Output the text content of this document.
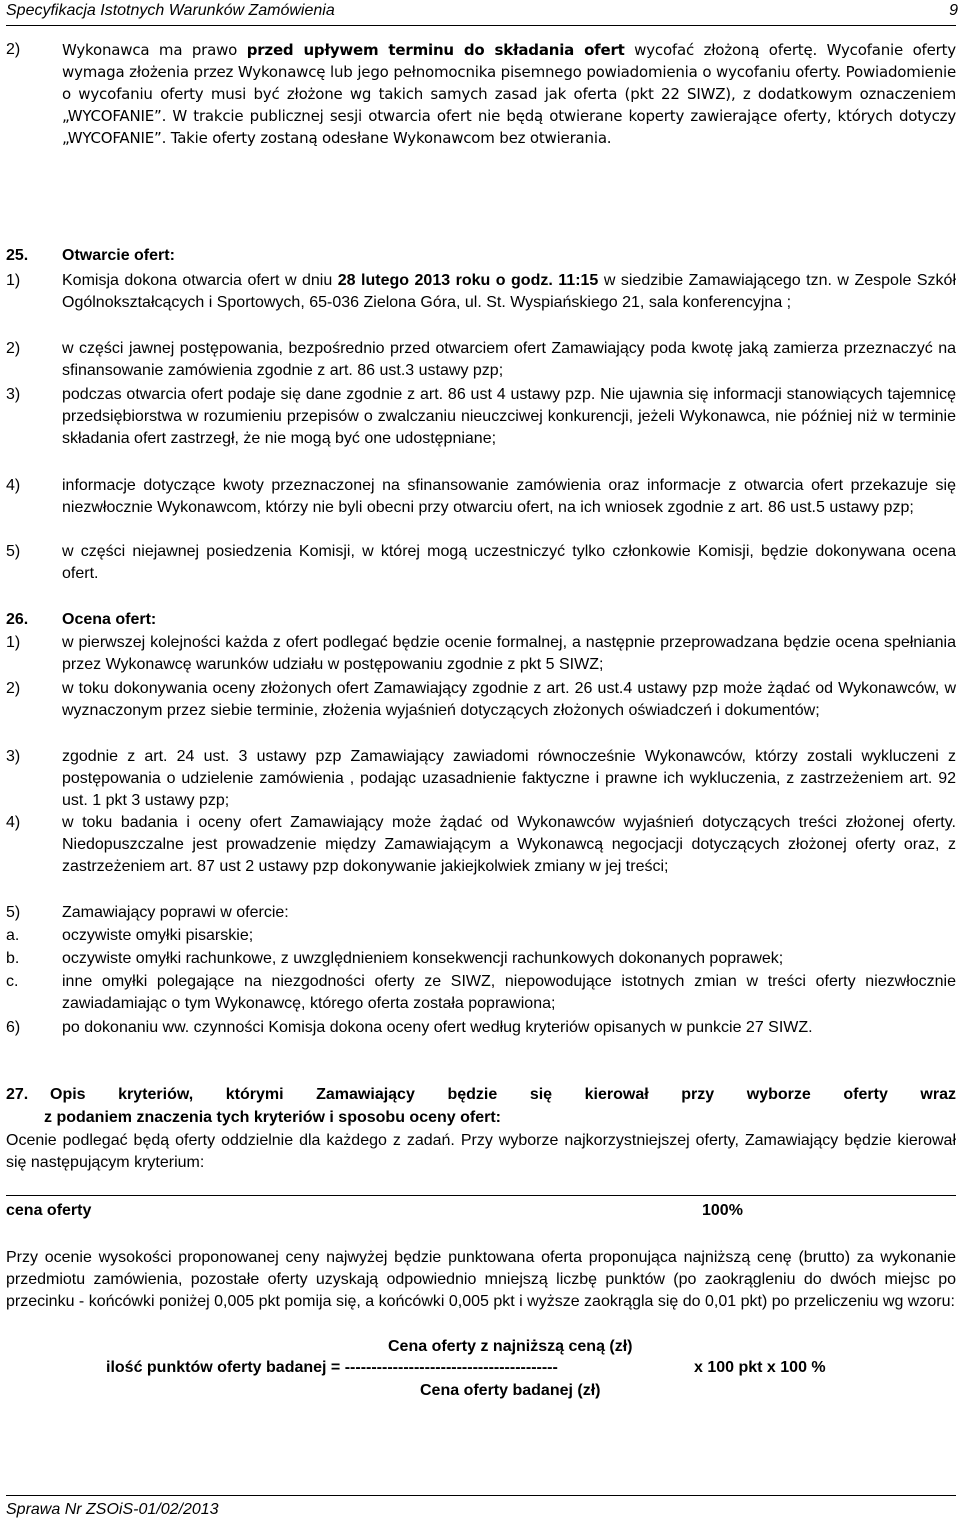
Specyfikacja Istotnych Warunków Zamówienia	9
2)	Wykonawca ma prawo przed upływem terminu do składania ofert wycofać złożoną ofertę. Wycofanie oferty wymaga złożenia przez Wykonawcę lub jego pełnomocnika pisemnego powiadomienia o wycofaniu oferty. Powiadomienie o wycofaniu oferty musi być złożone wg takich samych zasad jak oferta (pkt 22 SIWZ), z dodatkowym oznaczeniem „WYCOFANIE”. W trakcie publicznej sesji otwarcia ofert nie będą otwierane koperty zawierające oferty, których dotyczy „WYCOFANIE”. Takie oferty zostaną odesłane Wykonawcom bez otwierania.
25. Otwarcie ofert:
1)	Komisja dokona otwarcia ofert w dniu 28 lutego 2013 roku o godz. 11:15 w siedzibie Zamawiającego tzn. w Zespole Szkół Ogólnokształcących i Sportowych, 65-036 Zielona Góra, ul. St. Wyspiańskiego 21, sala konferencyjna ;
2)	w części jawnej postępowania, bezpośrednio przed otwarciem ofert Zamawiający poda kwotę jaką zamierza przeznaczyć na sfinansowanie zamówienia zgodnie z art. 86 ust.3 ustawy pzp;
3)	podczas otwarcia ofert podaje się dane zgodnie z art. 86 ust 4 ustawy pzp. Nie ujawnia się informacji stanowiących tajemnicę przedsiębiorstwa w rozumieniu przepisów o zwalczaniu nieuczciwej konkurencji, jeżeli Wykonawca, nie później niż w terminie składania ofert zastrzegł, że nie mogą być one udostępniane;
4)	informacje dotyczące kwoty przeznaczonej na sfinansowanie zamówienia oraz informacje z otwarcia ofert przekazuje się niezwłocznie Wykonawcom, którzy nie byli obecni przy otwarciu ofert, na ich wniosek zgodnie z art. 86 ust.5 ustawy pzp;
5)	w części niejawnej posiedzenia Komisji, w której mogą uczestniczyć tylko członkowie Komisji, będzie dokonywana ocena ofert.
26. Ocena ofert:
1)	w pierwszej kolejności każda z ofert podlegać będzie ocenie formalnej, a następnie przeprowadzana będzie ocena spełniania przez Wykonawcę warunków udziału w postępowaniu zgodnie z pkt 5 SIWZ;
2)	w toku dokonywania oceny złożonych ofert Zamawiający zgodnie z art. 26 ust.4 ustawy pzp może żądać od Wykonawców, w wyznaczonym przez siebie terminie, złożenia wyjaśnień dotyczących złożonych oświadczeń i dokumentów;
3)	zgodnie z art. 24 ust. 3 ustawy pzp Zamawiający zawiadomi równocześnie Wykonawców, którzy zostali wykluczeni z postępowania o udzielenie zamówienia , podając uzasadnienie faktyczne i prawne ich wykluczenia, z zastrzeżeniem art. 92 ust. 1 pkt 3 ustawy pzp;
4)	w toku badania i oceny ofert Zamawiający może żądać od Wykonawców wyjaśnień dotyczących treści złożonej oferty. Niedopuszczalne jest prowadzenie między Zamawiającym a Wykonawcą negocjacji dotyczących złożonej oferty oraz, z zastrzeżeniem art. 87 ust 2 ustawy pzp dokonywanie jakiejkolwiek zmiany w jej treści;
5)	Zamawiający poprawi w ofercie:
a.	oczywiste omyłki pisarskie;
b.	oczywiste omyłki rachunkowe, z uwzględnieniem konsekwencji rachunkowych dokonanych poprawek;
c.	inne omyłki polegające na niezgodności oferty ze SIWZ, niepowodujące istotnych zmian w treści oferty niezwłocznie zawiadamiając o tym Wykonawcę, którego oferta została poprawiona;
6)	po dokonaniu ww. czynności Komisja dokona oceny ofert według kryteriów opisanych w punkcie 27 SIWZ.
27. Opis kryteriów, którymi Zamawiający będzie się kierował przy wyborze oferty wraz
z podaniem znaczenia tych kryteriów i sposobu oceny ofert:
Ocenie podlegać będą oferty oddzielnie dla każdego z zadań. Przy wyborze najkorzystniejszej oferty, Zamawiający będzie kierował się następującym kryterium:
cena oferty	100%
Przy ocenie wysokości proponowanej ceny najwyżej będzie punktowana oferta proponująca najniższą cenę (brutto) za wykonanie przedmiotu zamówienia, pozostałe oferty uzyskają odpowiednio mniejszą liczbę punktów (po zaokrągleniu do dwóch miejsc po przecinku - końcówki poniżej 0,005 pkt pomija się, a końcówki 0,005 pkt i wyższe zaokrągla się do 0,01 pkt) po przeliczeniu wg wzoru:
Cena oferty z najniższą ceną (zł)
ilość punktów oferty badanej = ----------------------------------------	x 100 pkt x 100 %
Cena oferty badanej (zł)
Sprawa Nr ZSOiS-01/02/2013
